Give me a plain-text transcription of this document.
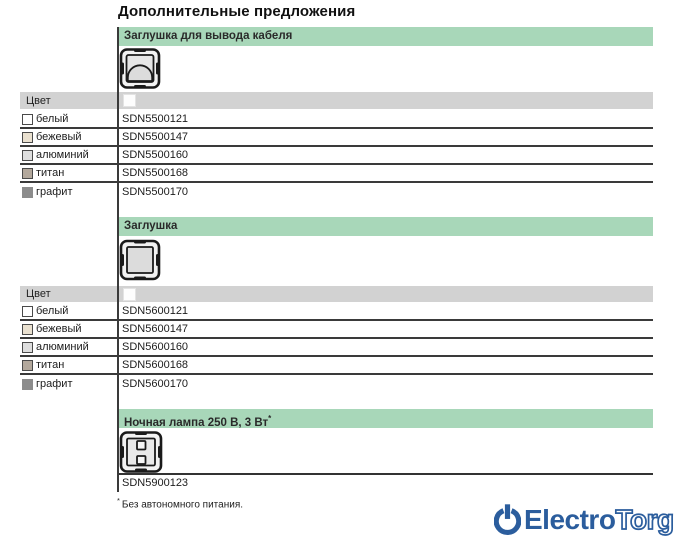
Дополнительные предложения
Заглушка для вывода кабеля
Цвет
белый	SDN5500121
бежевый	SDN5500147
алюминий	SDN5500160
титан	SDN5500168
графит	SDN5500170
Заглушка
Цвет
белый	SDN5600121
бежевый	SDN5600147
алюминий	SDN5600160
титан	SDN5600168
графит	SDN5600170
Ночная лампа 250 В, 3 Вт*
SDN5900123
* Без автономного питания.	ElectroTorg
